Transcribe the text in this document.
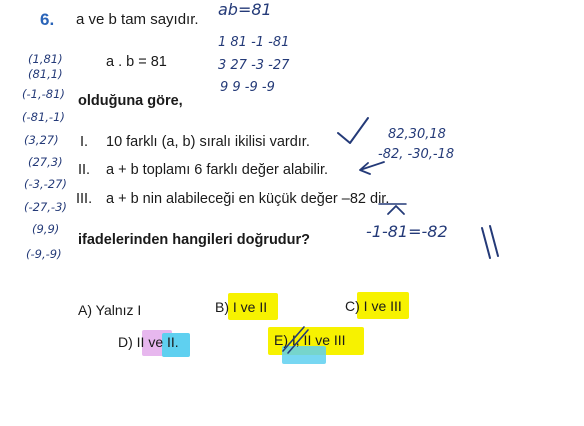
6. a ve b tam sayıdır.
a . b = 81
olduğuna göre,
I. 10 farklı (a, b) sıralı ikilisi vardır.
II. a + b toplamı 6 farklı değer alabilir.
III. a + b nin alabileceği en küçük değer –82 dir.
ifadelerinden hangileri doğrudur?
A) Yalnız I	B) I ve II	C) I ve III
D) II ve II.	E) I, II ve III
ab=81
1 81 -1 -81
3 27 -3 -27
9 9 -9 -9
(1,81)
(81,1)
(-1,-81)
(-81,-1)
(3,27)
(27,3)
(-3,-27)
(-27,-3)
(9,9)
(-9,-9)
82,30,18
-82, -30,-18
-1-81=-82
